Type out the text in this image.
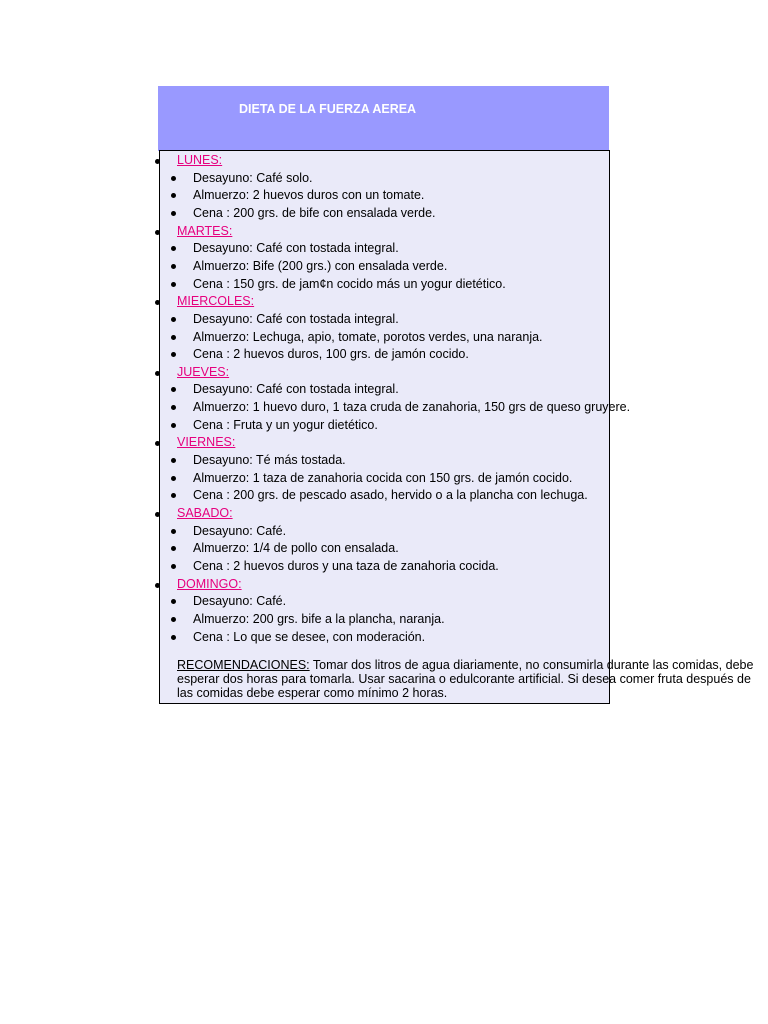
DIETA DE LA FUERZA AEREA
LUNES:
Desayuno: Café solo.
Almuerzo: 2 huevos duros con un tomate.
Cena : 200 grs. de bife con ensalada verde.
MARTES:
Desayuno: Café con tostada integral.
Almuerzo: Bife (200 grs.) con ensalada verde.
Cena : 150 grs. de jam¢n cocido más un yogur dietético.
MIERCOLES:
Desayuno: Café con tostada integral.
Almuerzo: Lechuga, apio, tomate, porotos verdes, una naranja.
Cena : 2 huevos duros, 100 grs. de jamón cocido.
JUEVES:
Desayuno: Café con tostada integral.
Almuerzo: 1 huevo duro, 1 taza cruda de zanahoria, 150 grs de queso gruyere.
Cena : Fruta y un yogur dietético.
VIERNES:
Desayuno: Té más tostada.
Almuerzo: 1 taza de zanahoria cocida con 150 grs. de jamón cocido.
Cena : 200 grs. de pescado asado, hervido o a la plancha con lechuga.
SABADO:
Desayuno: Café.
Almuerzo: 1/4 de pollo con ensalada.
Cena : 2 huevos duros y una taza de zanahoria cocida.
DOMINGO:
Desayuno: Café.
Almuerzo: 200 grs. bife a la plancha, naranja.
Cena : Lo que se desee, con moderación.
RECOMENDACIONES: Tomar dos litros de agua diariamente, no consumirla durante las comidas, debe esperar dos horas para tomarla. Usar sacarina o edulcorante artificial. Si desea comer fruta después de las comidas debe esperar como mínimo 2 horas.
